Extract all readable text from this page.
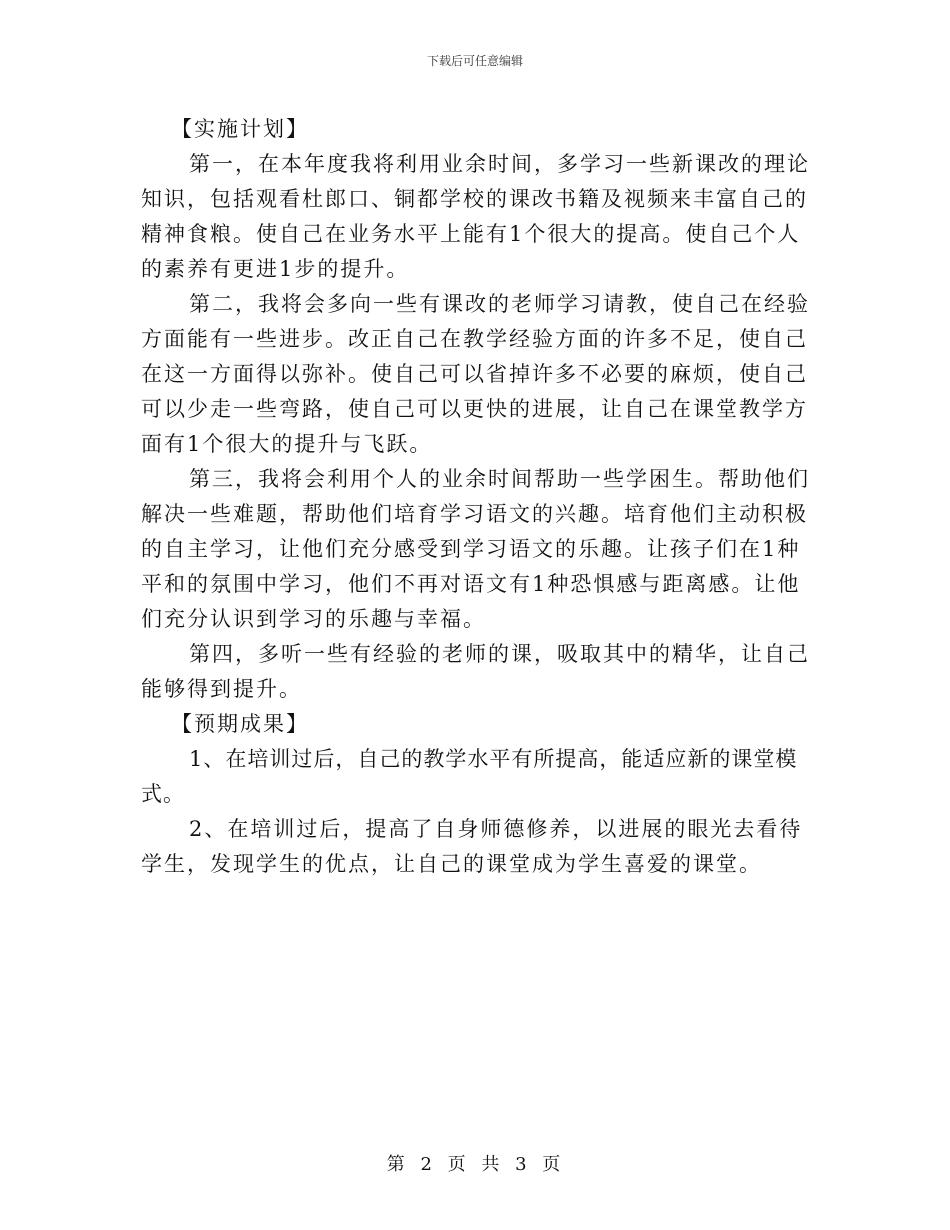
下载后可任意编辑

【实施计划】

第一，在本年度我将利用业余时间，多学习一些新课改的理论知识，包括观看杜郎口、铜都学校的课改书籍及视频来丰富自己的精神食粮。使自己在业务水平上能有1个很大的提高。使自己个人的素养有更进1步的提升。

第二，我将会多向一些有课改的老师学习请教，使自己在经验方面能有一些进步。改正自己在教学经验方面的许多不足，使自己在这一方面得以弥补。使自己可以省掉许多不必要的麻烦，使自己可以少走一些弯路，使自己可以更快的进展，让自己在课堂教学方面有1个很大的提升与飞跃。

第三，我将会利用个人的业余时间帮助一些学困生。帮助他们解决一些难题，帮助他们培育学习语文的兴趣。培育他们主动积极的自主学习，让他们充分感受到学习语文的乐趣。让孩子们在1种平和的氛围中学习，他们不再对语文有1种恐惧感与距离感。让他们充分认识到学习的乐趣与幸福。

第四，多听一些有经验的老师的课，吸取其中的精华，让自己能够得到提升。

【预期成果】

1、在培训过后，自己的教学水平有所提高，能适应新的课堂模式。

2、在培训过后，提高了自身师德修养，以进展的眼光去看待学生，发现学生的优点，让自己的课堂成为学生喜爱的课堂。

第 2 页 共 3 页
